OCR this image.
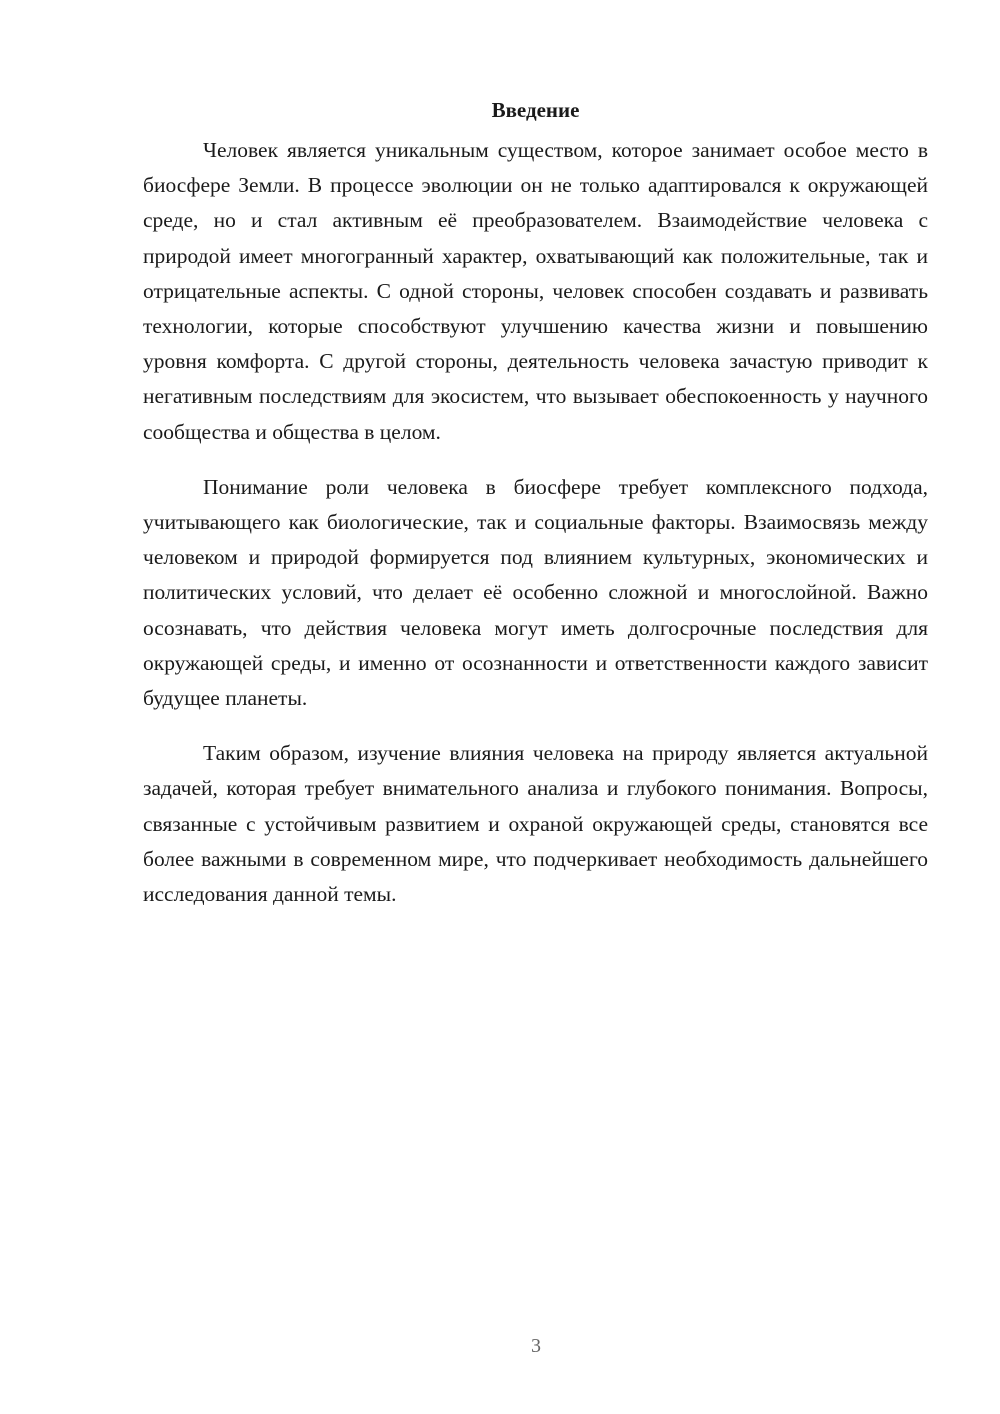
Введение

Человек является уникальным существом, которое занимает особое место в биосфере Земли. В процессе эволюции он не только адаптировался к окружающей среде, но и стал активным её преобразователем. Взаимодействие человека с природой имеет многогранный характер, охватывающий как положительные, так и отрицательные аспекты. С одной стороны, человек способен создавать и развивать технологии, которые способствуют улучшению качества жизни и повышению уровня комфорта. С другой стороны, деятельность человека зачастую приводит к негативным последствиям для экосистем, что вызывает обеспокоенность у научного сообщества и общества в целом.

Понимание роли человека в биосфере требует комплексного подхода, учитывающего как биологические, так и социальные факторы. Взаимосвязь между человеком и природой формируется под влиянием культурных, экономических и политических условий, что делает её особенно сложной и многослойной. Важно осознавать, что действия человека могут иметь долгосрочные последствия для окружающей среды, и именно от осознанности и ответственности каждого зависит будущее планеты.

Таким образом, изучение влияния человека на природу является актуальной задачей, которая требует внимательного анализа и глубокого понимания. Вопросы, связанные с устойчивым развитием и охраной окружающей среды, становятся все более важными в современном мире, что подчеркивает необходимость дальнейшего исследования данной темы.

3
